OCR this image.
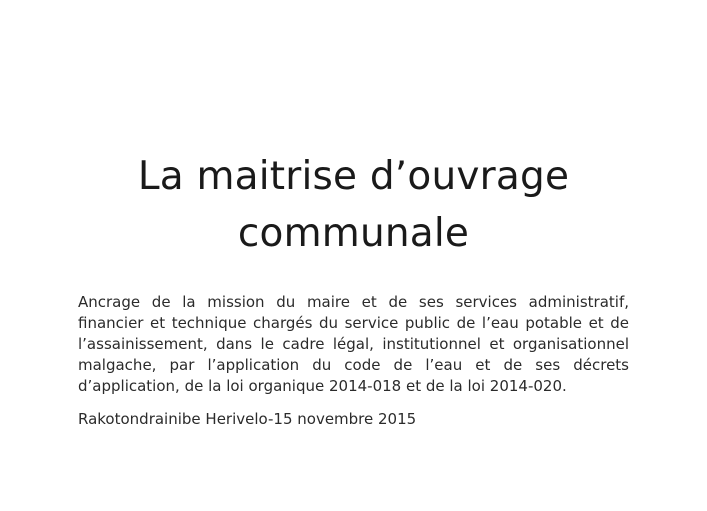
La maitrise d’ouvrage
communale

Ancrage de la mission du maire et de ses services administratif, financier et technique chargés du service public de l’eau potable et de l’assainissement, dans le cadre légal, institutionnel et organisationnel malgache, par l’application du code de l’eau et de ses décrets d’application, de la loi organique 2014-018 et de la loi 2014-020.

Rakotondrainibe Herivelo-15 novembre 2015
